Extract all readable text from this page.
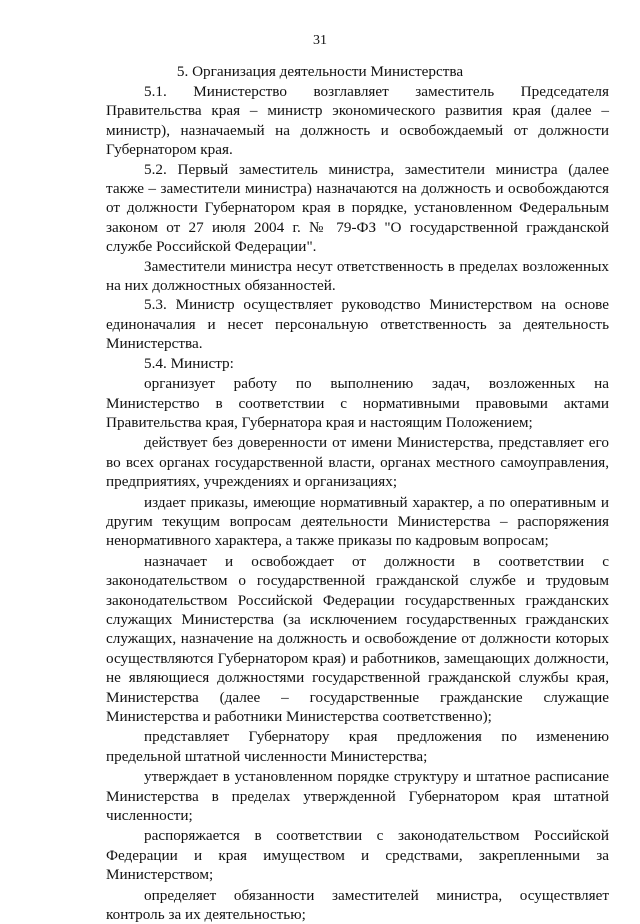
31
5. Организация деятельности Министерства

5.1. Министерство возглавляет заместитель Председателя Правительства края – министр экономического развития края (далее – министр), назначаемый на должность и освобождаемый от должности Губернатором края.

5.2. Первый заместитель министра, заместители министра (далее также – заместители министра) назначаются на должность и освобождаются от должности Губернатором края в порядке, установленном Федеральным законом от 27 июля 2004 г. № 79-ФЗ "О государственной гражданской службе Российской Федерации".

Заместители министра несут ответственность в пределах возложенных на них должностных обязанностей.

5.3. Министр осуществляет руководство Министерством на основе единоначалия и несет персональную ответственность за деятельность Министерства.

5.4. Министр:

организует работу по выполнению задач, возложенных на Министерство в соответствии с нормативными правовыми актами Правительства края, Губернатора края и настоящим Положением;

действует без доверенности от имени Министерства, представляет его во всех органах государственной власти, органах местного самоуправления, предприятиях, учреждениях и организациях;

издает приказы, имеющие нормативный характер, а по оперативным и другим текущим вопросам деятельности Министерства – распоряжения ненормативного характера, а также приказы по кадровым вопросам;

назначает и освобождает от должности в соответствии с законодательством о государственной гражданской службе и трудовым законодательством Российской Федерации государственных гражданских служащих Министерства (за исключением государственных гражданских служащих, назначение на должность и освобождение от должности которых осуществляются Губернатором края) и работников, замещающих должности, не являющиеся должностями государственной гражданской службы края, Министерства (далее – государственные гражданские служащие Министерства и работники Министерства соответственно);

представляет Губернатору края предложения по изменению предельной штатной численности Министерства;

утверждает в установленном порядке структуру и штатное расписание Министерства в пределах утвержденной Губернатором края штатной численности;

распоряжается в соответствии с законодательством Российской Федерации и края имуществом и средствами, закрепленными за Министерством;

определяет обязанности заместителей министра, осуществляет контроль за их деятельностью;
